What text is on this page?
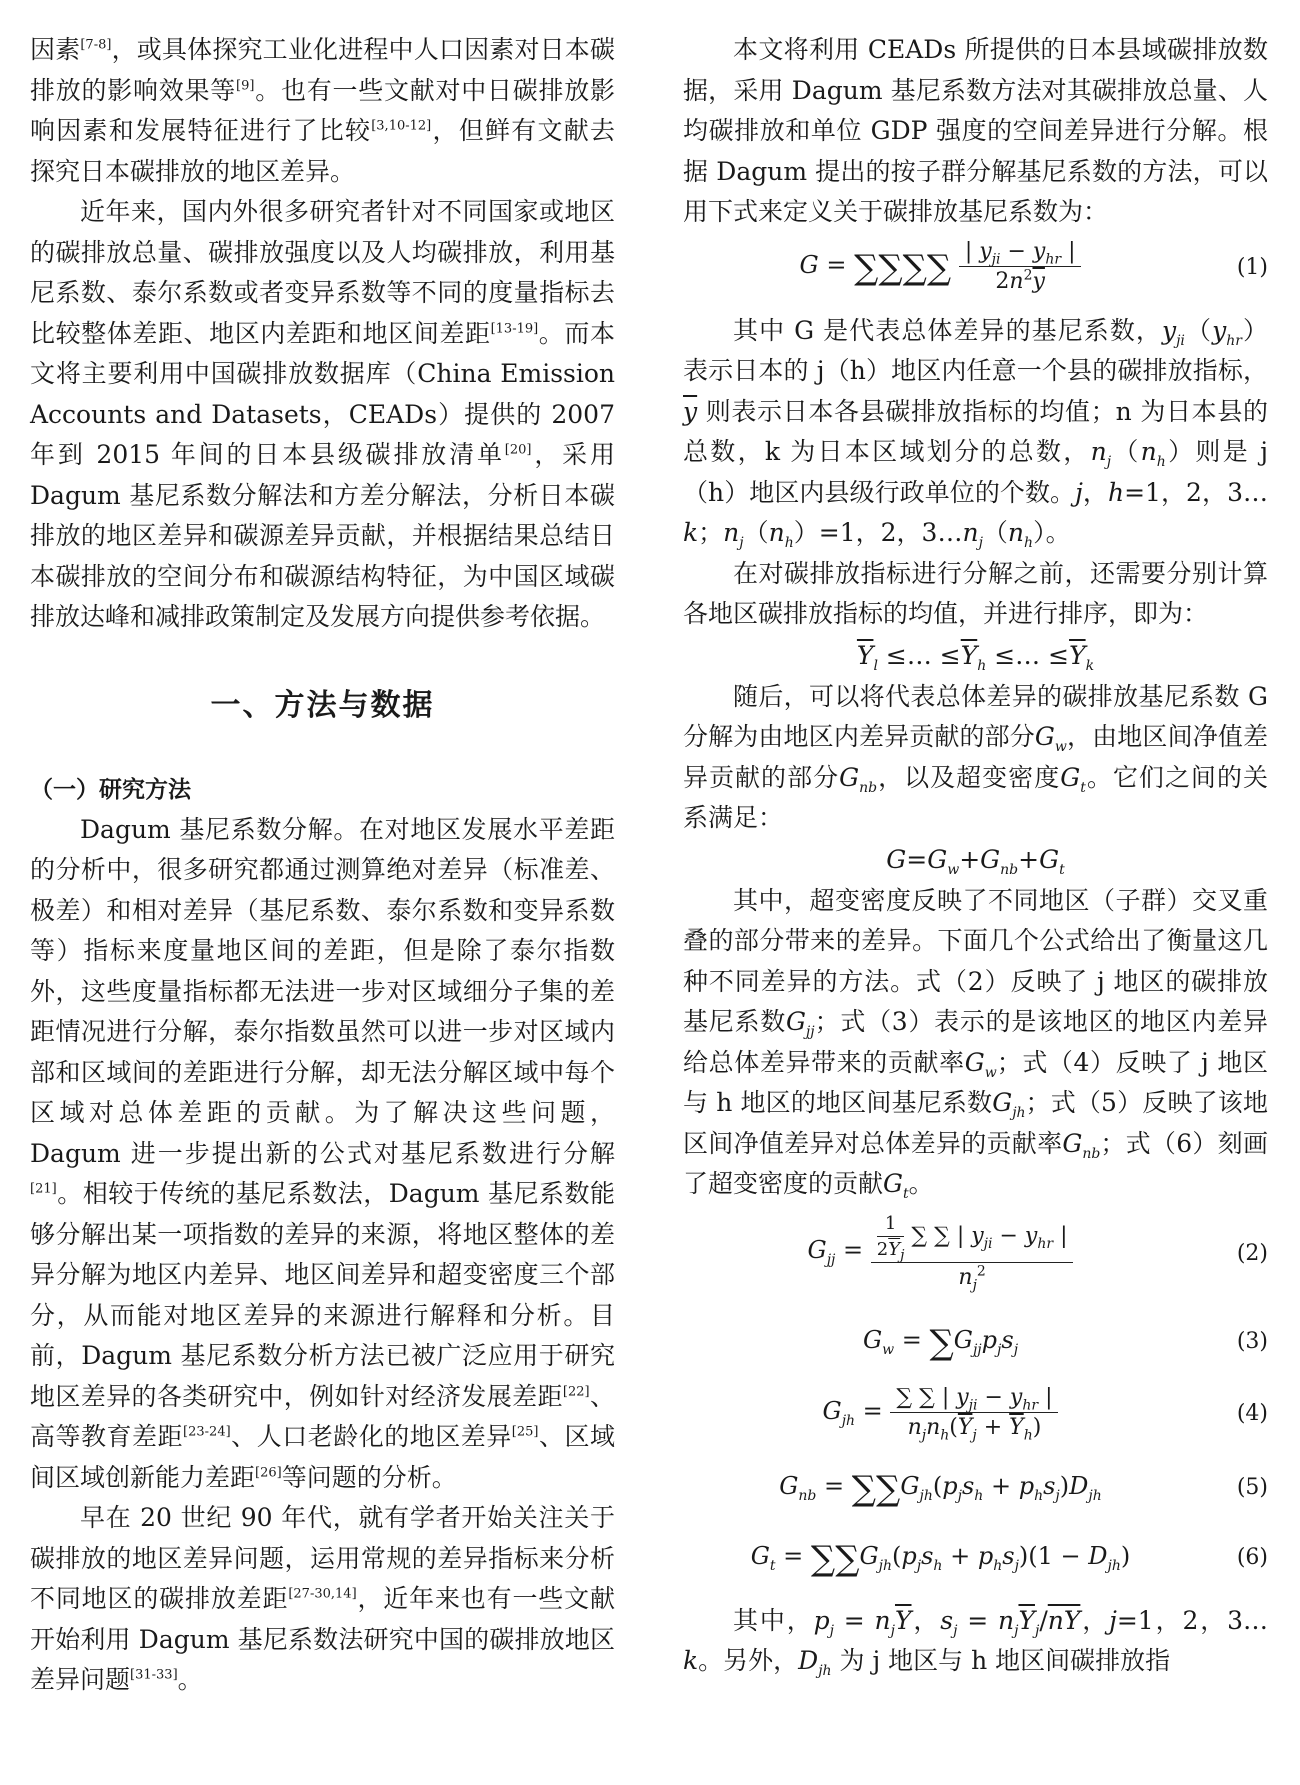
因素[7-8]，或具体探究工业化进程中人口因素对日本碳排放的影响效果等[9]。也有一些文献对中日碳排放影响因素和发展特征进行了比较[3,10-12]，但鲜有文献去探究日本碳排放的地区差异。

近年来，国内外很多研究者针对不同国家或地区的碳排放总量、碳排放强度以及人均碳排放，利用基尼系数、泰尔系数或者变异系数等不同的度量指标去比较整体差距、地区内差距和地区间差距[13-19]。而本文将主要利用中国碳排放数据库（China Emission Accounts and Datasets，CEADs）提供的 2007 年到 2015 年间的日本县级碳排放清单[20]，采用 Dagum 基尼系数分解法和方差分解法，分析日本碳排放的地区差异和碳源差异贡献，并根据结果总结日本碳排放的空间分布和碳源结构特征，为中国区域碳排放达峰和减排政策制定及发展方向提供参考依据。

一、方法与数据
（一）研究方法

Dagum 基尼系数分解。在对地区发展水平差距的分析中，很多研究都通过测算绝对差异（标准差、极差）和相对差异（基尼系数、泰尔系数和变异系数等）指标来度量地区间的差距，但是除了泰尔指数外，这些度量指标都无法进一步对区域细分子集的差距情况进行分解，泰尔指数虽然可以进一步对区域内部和区域间的差距进行分解，却无法分解区域中每个区域对总体差距的贡献。为了解决这些问题，Dagum 进一步提出新的公式对基尼系数进行分解[21]。相较于传统的基尼系数法，Dagum 基尼系数能够分解出某一项指数的差异的来源，将地区整体的差异分解为地区内差异、地区间差异和超变密度三个部分，从而能对地区差异的来源进行解释和分析。目前，Dagum 基尼系数分析方法已被广泛应用于研究地区差异的各类研究中，例如针对经济发展差距[22]、高等教育差距[23-24]、人口老龄化的地区差异[25]、区域间区域创新能力差距[26]等问题的分析。

早在 20 世纪 90 年代，就有学者开始关注关于碳排放的地区差异问题，运用常规的差异指标来分析不同地区的碳排放差距[27-30,14]，近年来也有一些文献开始利用 Dagum 基尼系数法研究中国的碳排放地区差异问题[31-33]。

本文将利用 CEADs 所提供的日本县域碳排放数据，采用 Dagum 基尼系数方法对其碳排放总量、人均碳排放和单位 GDP 强度的空间差异进行分解。根据 Dagum 提出的按子群分解基尼系数的方法，可以用下式来定义关于碳排放基尼系数为：

G = ∑∑∑∑ $\frac{| y_{ji} - y_{hr} |}{2n^2\overline{y}}$	(1)

其中 G 是代表总体差异的基尼系数，$y_{ji}(y_{hr})$表示日本的 j（h）地区内任意一个县的碳排放指标，$\overline{y}$ 则表示日本各县碳排放指标的均值；n 为日本县的总数，k 为日本区域划分的总数，$n_j(n_h)$则是 j（h）地区内县级行政单位的个数。j，h=1，2，3…k；$n_j(n_h)=1$，2，$3\dots n_j(n_h)$。

在对碳排放指标进行分解之前，还需要分别计算各地区碳排放指标的均值，并进行排序，即为：

$\overline{Y}_l$ ≤… $\le\overline{Y}_h$ ≤… $\le\overline{Y}_k$

随后，可以将代表总体差异的碳排放基尼系数 G 分解为由地区内差异贡献的部分$G_w$，由地区间净值差异贡献的部分$G_{nb}$，以及超变密度$G_t$。它们之间的关系满足：

$G=G_w+G_{nb}+G_t$

其中，超变密度反映了不同地区（子群）交叉重叠的部分带来的差异。下面几个公式给出了衡量这几种不同差异的方法。式（2）反映了 j 地区的碳排放基尼系数$G_{jj}$；式（3）表示的是该地区的地区内差异给总体差异带来的贡献率$G_w$；式（4）反映了 j 地区与 h 地区的地区间基尼系数$G_{jh}$；式（5）反映了该地区间净值差异对总体差异的贡献率$G_{nb}$；式（6）刻画了超变密度的贡献$G_t$。

$G_{jj} = \frac{\frac{1}{2\overline{Y}_j} \sum \sum | y_{ji} - y_{hr} |}{n_j^2}$	(2)
$G_w = \sum G_{jj}p_js_j$	(3)
$G_{jh} = \frac{\sum \sum | y_{ji} - y_{hr} |}{n_jn_h(\overline{Y}_j + \overline{Y}_h)}$	(4)
$G_{nb} = \sum\sum G_{jh}(p_js_h + p_hs_j)D_{jh}$	(5)
$G_t = \sum\sum G_{jh}(p_js_h + p_hs_j)(1 - D_{jh})$	(6)

其中，$p_j = n_j\overline{Y}$，$s_j = n_j\overline{Y}_j/\overline{nY}$，j=1，2，3…k。另外，$D_{jh}$ 为 j 地区与 h 地区间碳排放指
